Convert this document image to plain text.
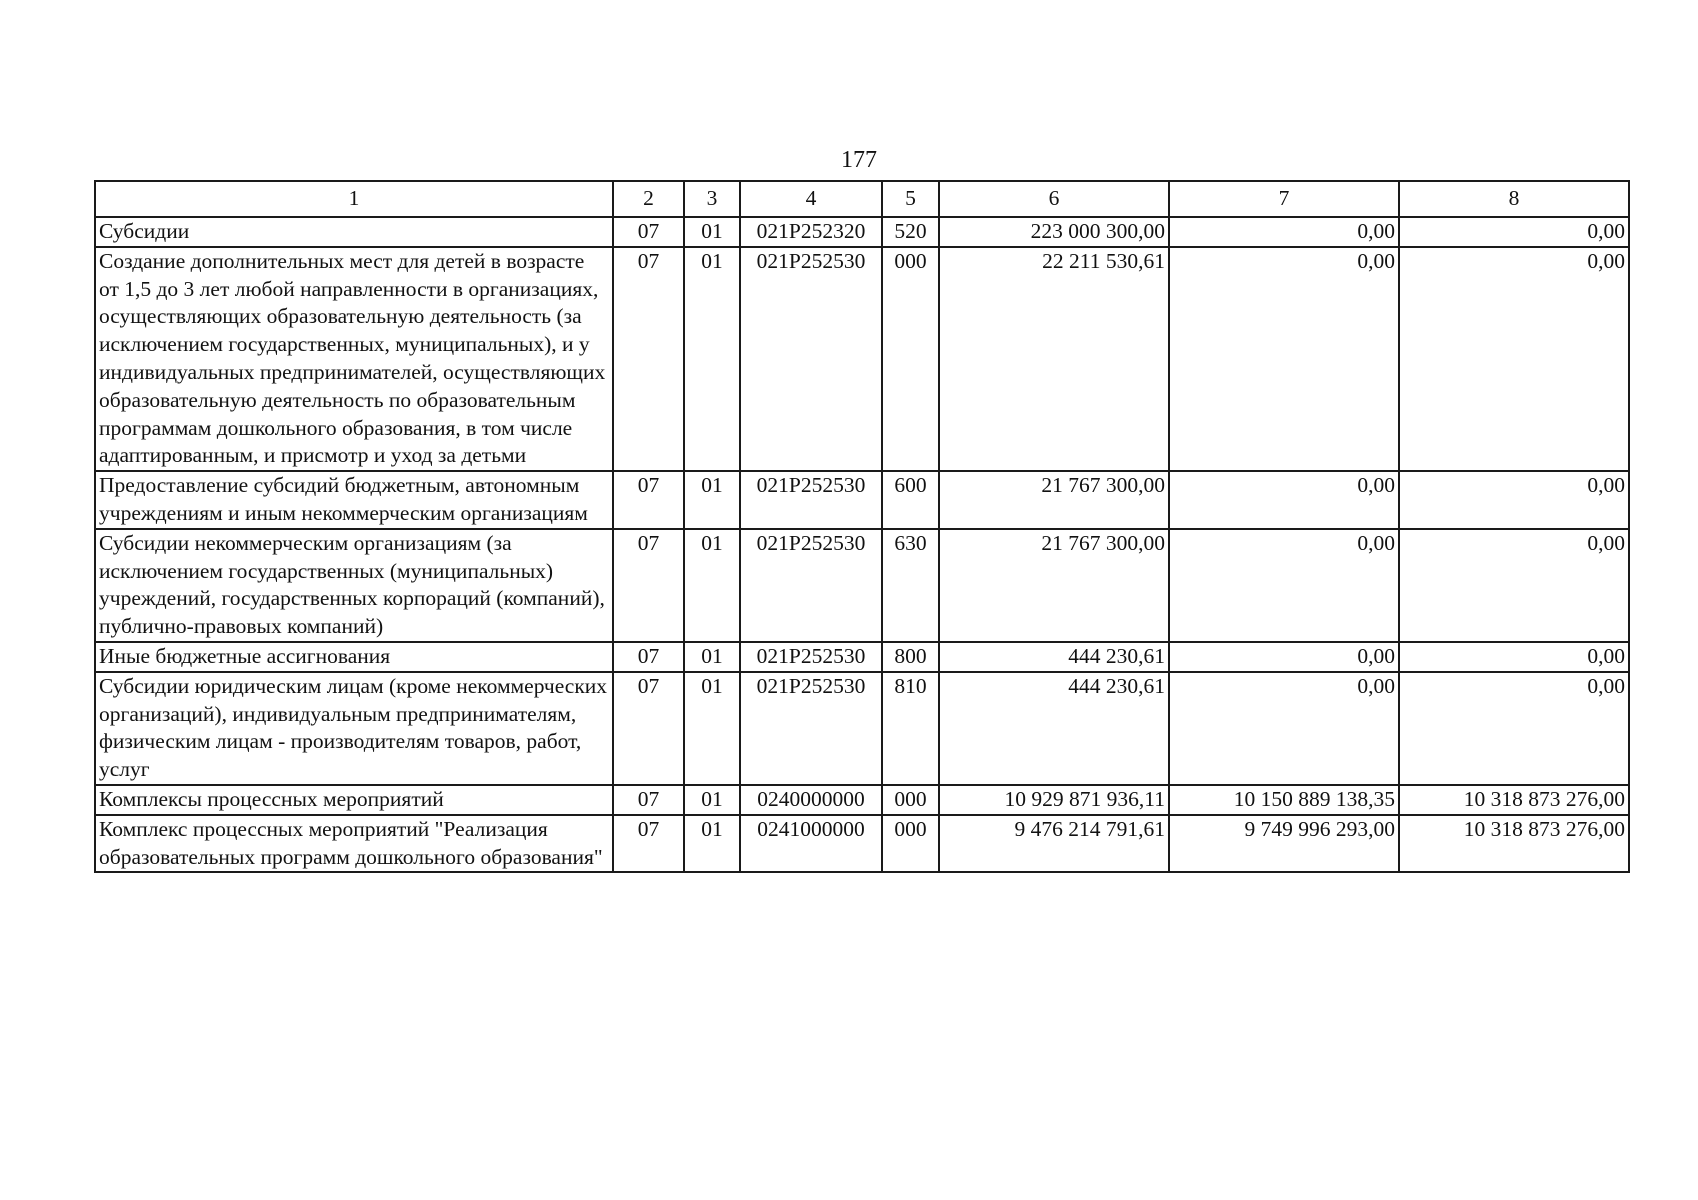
177
1	2	3	4	5	6	7	8
Субсидии	07	01	021P252320	520	223 000 300,00	0,00	0,00
Создание дополнительных мест для детей в возрасте от 1,5 до 3 лет любой направленности в организациях, осуществляющих образовательную деятельность (за исключением государственных, муниципальных), и у индивидуальных предпринимателей, осуществляющих образовательную деятельность по образовательным программам дошкольного образования, в том числе адаптированным, и присмотр и уход за детьми	07	01	021P252530	000	22 211 530,61	0,00	0,00
Предоставление субсидий бюджетным, автономным учреждениям и иным некоммерческим организациям	07	01	021P252530	600	21 767 300,00	0,00	0,00
Субсидии некоммерческим организациям (за исключением государственных (муниципальных) учреждений, государственных корпораций (компаний), публично-правовых компаний)	07	01	021P252530	630	21 767 300,00	0,00	0,00
Иные бюджетные ассигнования	07	01	021P252530	800	444 230,61	0,00	0,00
Субсидии юридическим лицам (кроме некоммерческих организаций), индивидуальным предпринимателям, физическим лицам - производителям товаров, работ, услуг	07	01	021P252530	810	444 230,61	0,00	0,00
Комплексы процессных мероприятий	07	01	0240000000	000	10 929 871 936,11	10 150 889 138,35	10 318 873 276,00
Комплекс процессных мероприятий "Реализация образовательных программ дошкольного образования"	07	01	0241000000	000	9 476 214 791,61	9 749 996 293,00	10 318 873 276,00
